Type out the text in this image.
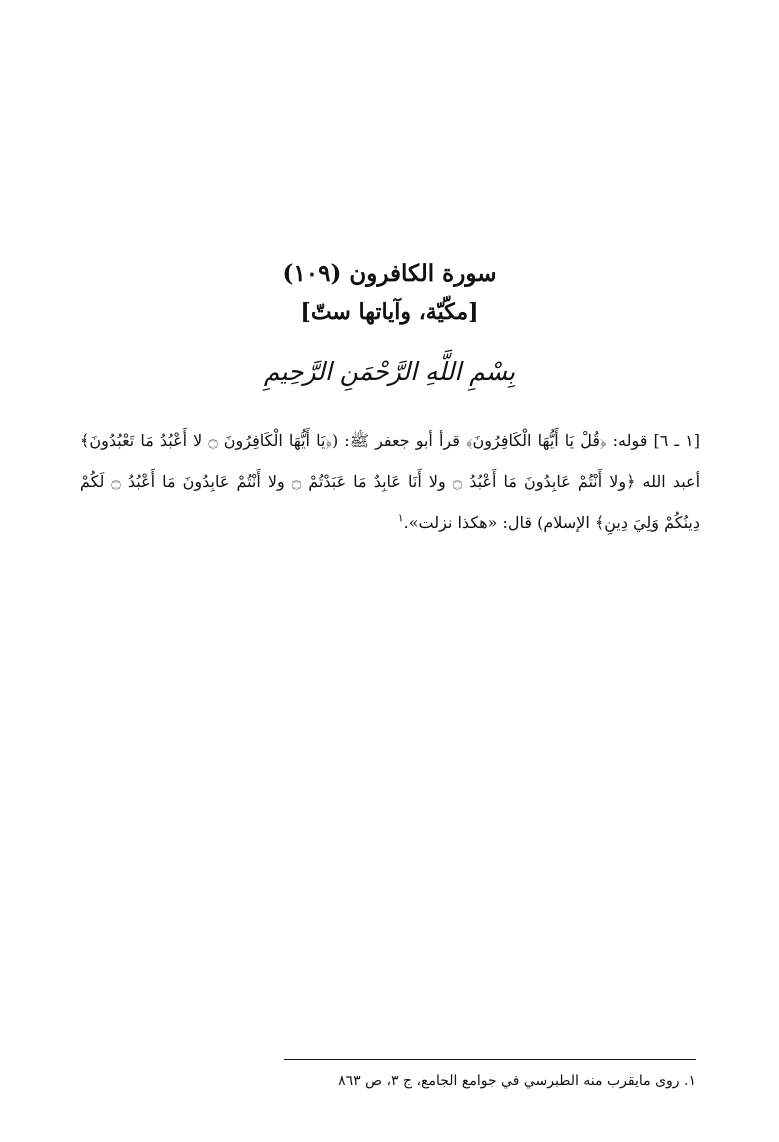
سورة الكافرون (١٠٩)
[مكّيّة، وآياتها ستّ]
بِسْمِ اللَّهِ الرَّحْمَنِ الرَّحِيمِ

[١ ـ ٦] قوله: ﴿قُلْ يَا أَيُّهَا الْكَافِرُونَ﴾ قرأ أبو جعفر ﷺ: (﴿يَا أَيُّهَا الْكَافِرُونَ ۝ لا أَعْبُدُ مَا تَعْبُدُونَ﴾ أعبد الله ﴿ولا أَنْتُمْ عَابِدُونَ مَا أَعْبُدُ ۝ ولا أَنَا عَابِدٌ مَا عَبَدْتُمْ ۝ ولا أَنْتُمْ عَابِدُونَ مَا أَعْبُدُ ۝ لَكُمْ دِينُكُمْ وَلِيَ دِينِ﴾ الإسلام) قال: «هكذا نزلت».$^١$

١. روى مايقرب منه الطبرسي في جوامع الجامع، ج ٣، ص ٨٦٣
